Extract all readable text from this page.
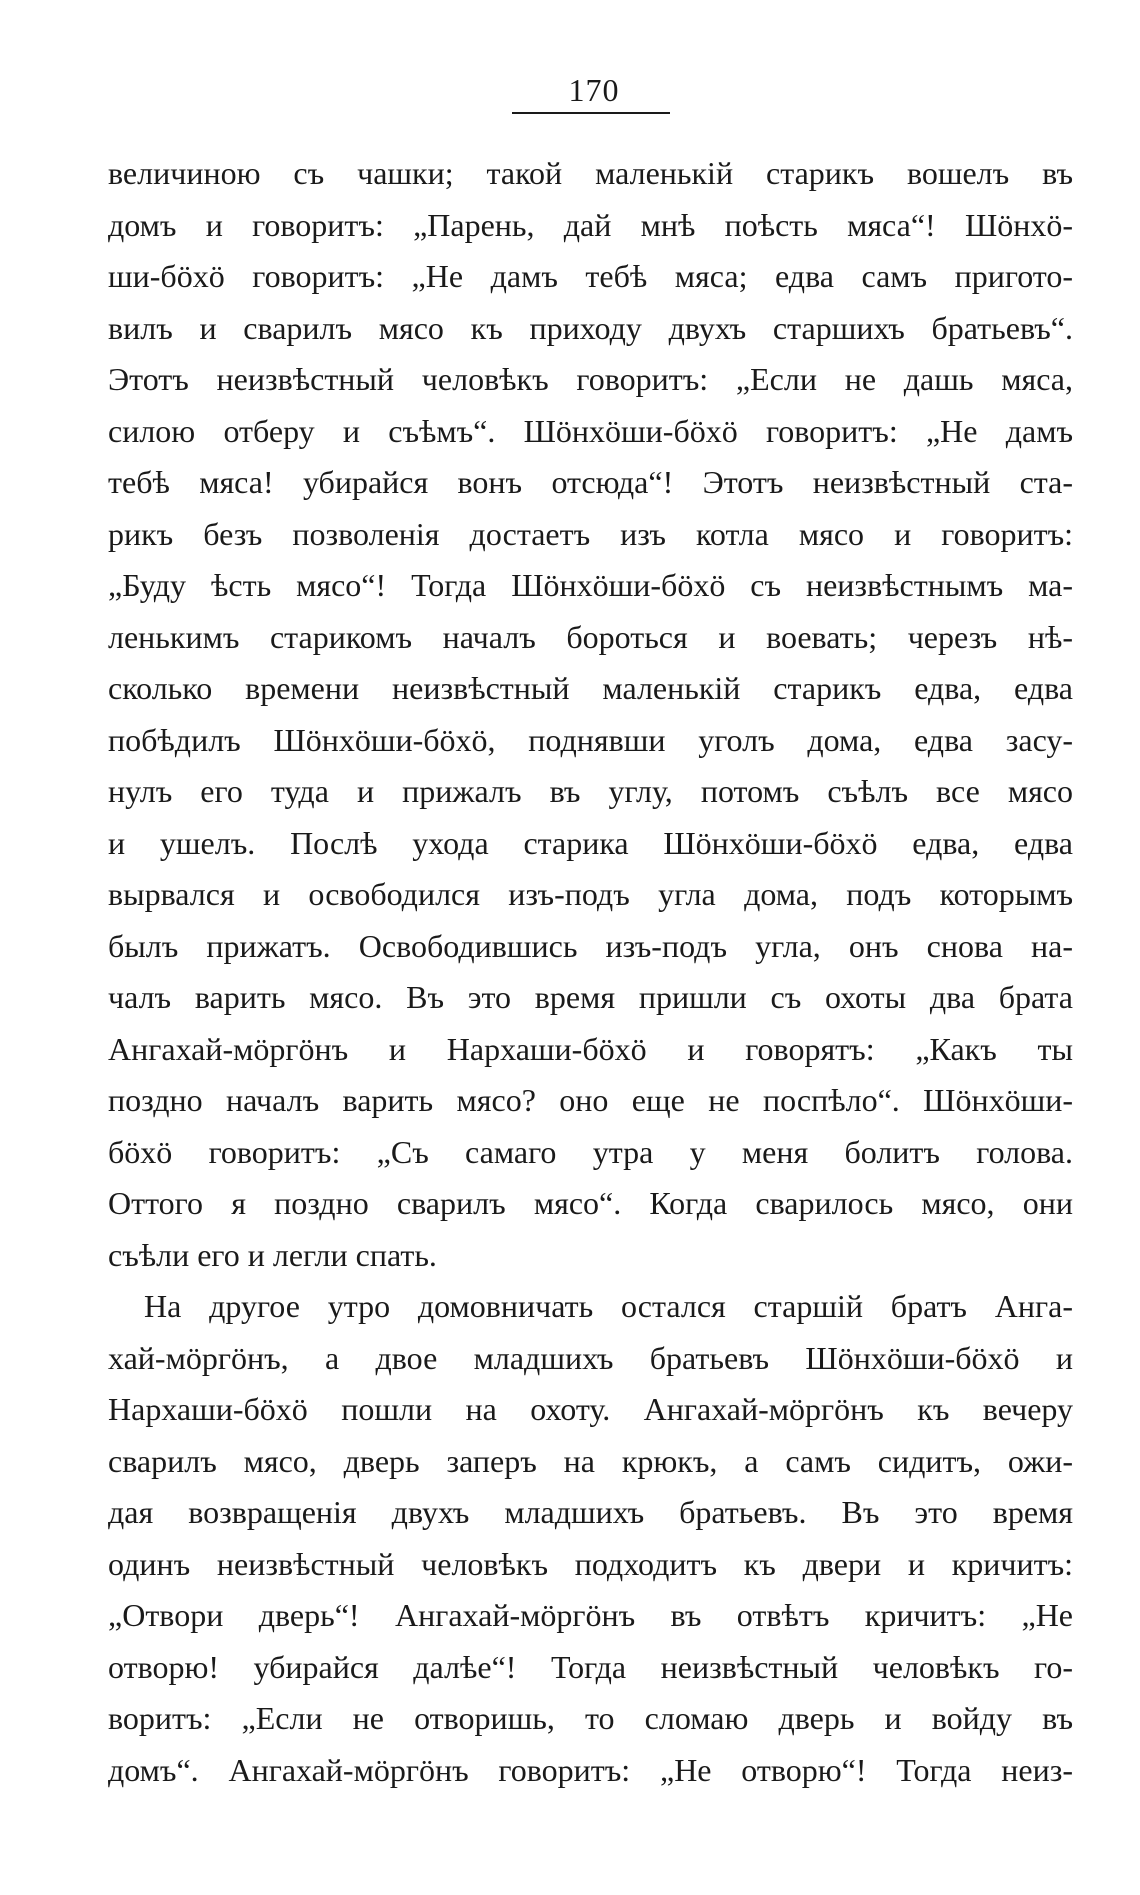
170
величиною съ чашки; такой маленькій старикъ вошелъ въ
домъ и говоритъ: „Парень, дай мнѣ поѣсть мяса“! Шöнхö-
ши-бöхö говоритъ: „Не дамъ тебѣ мяса; едва самъ пригото-
вилъ и сварилъ мясо къ приходу двухъ старшихъ братьевъ“.
Этотъ неизвѣстный человѣкъ говоритъ: „Если не дашь мяса,
силою отберу и съѣмъ“. Шöнхöши-бöхö говоритъ: „Не дамъ
тебѣ мяса! убирайся вонъ отсюда“! Этотъ неизвѣстный ста-
рикъ безъ позволенія достаетъ изъ котла мясо и говоритъ:
„Буду ѣсть мясо“! Тогда Шöнхöши-бöхö съ неизвѣстнымъ ма-
ленькимъ старикомъ началъ бороться и воевать; черезъ нѣ-
сколько времени неизвѣстный маленькій старикъ едва, едва
побѣдилъ Шöнхöши-бöхö, поднявши уголъ дома, едва засу-
нулъ его туда и прижалъ въ углу, потомъ съѣлъ все мясо
и ушелъ. Послѣ ухода старика Шöнхöши-бöхö едва, едва
вырвался и освободился изъ-подъ угла дома, подъ которымъ
былъ прижатъ. Освободившись изъ-подъ угла, онъ снова на-
чалъ варить мясо. Въ это время пришли съ охоты два брата
Ангахай-мöргöнъ и Нархаши-бöхö и говорятъ: „Какъ ты
поздно началъ варить мясо? оно еще не поспѣло“. Шöнхöши-
бöхö говоритъ: „Съ самаго утра у меня болитъ голова.
Оттого я поздно сварилъ мясо“. Когда сварилось мясо, они
съѣли его и легли спать.
На другое утро домовничать остался старшій братъ Анга-
хай-мöргöнъ, а двое младшихъ братьевъ Шöнхöши-бöхö и
Нархаши-бöхö пошли на охоту. Ангахай-мöргöнъ къ вечеру
сварилъ мясо, дверь заперъ на крюкъ, а самъ сидитъ, ожи-
дая возвращенія двухъ младшихъ братьевъ. Въ это время
одинъ неизвѣстный человѣкъ подходитъ къ двери и кричитъ:
„Отвори дверь“! Ангахай-мöргöнъ въ отвѣтъ кричитъ: „Не
отворю! убирайся далѣе“! Тогда неизвѣстный человѣкъ го-
воритъ: „Если не отворишь, то сломаю дверь и войду въ
домъ“. Ангахай-мöргöнъ говоритъ: „Не отворю“! Тогда неиз-
